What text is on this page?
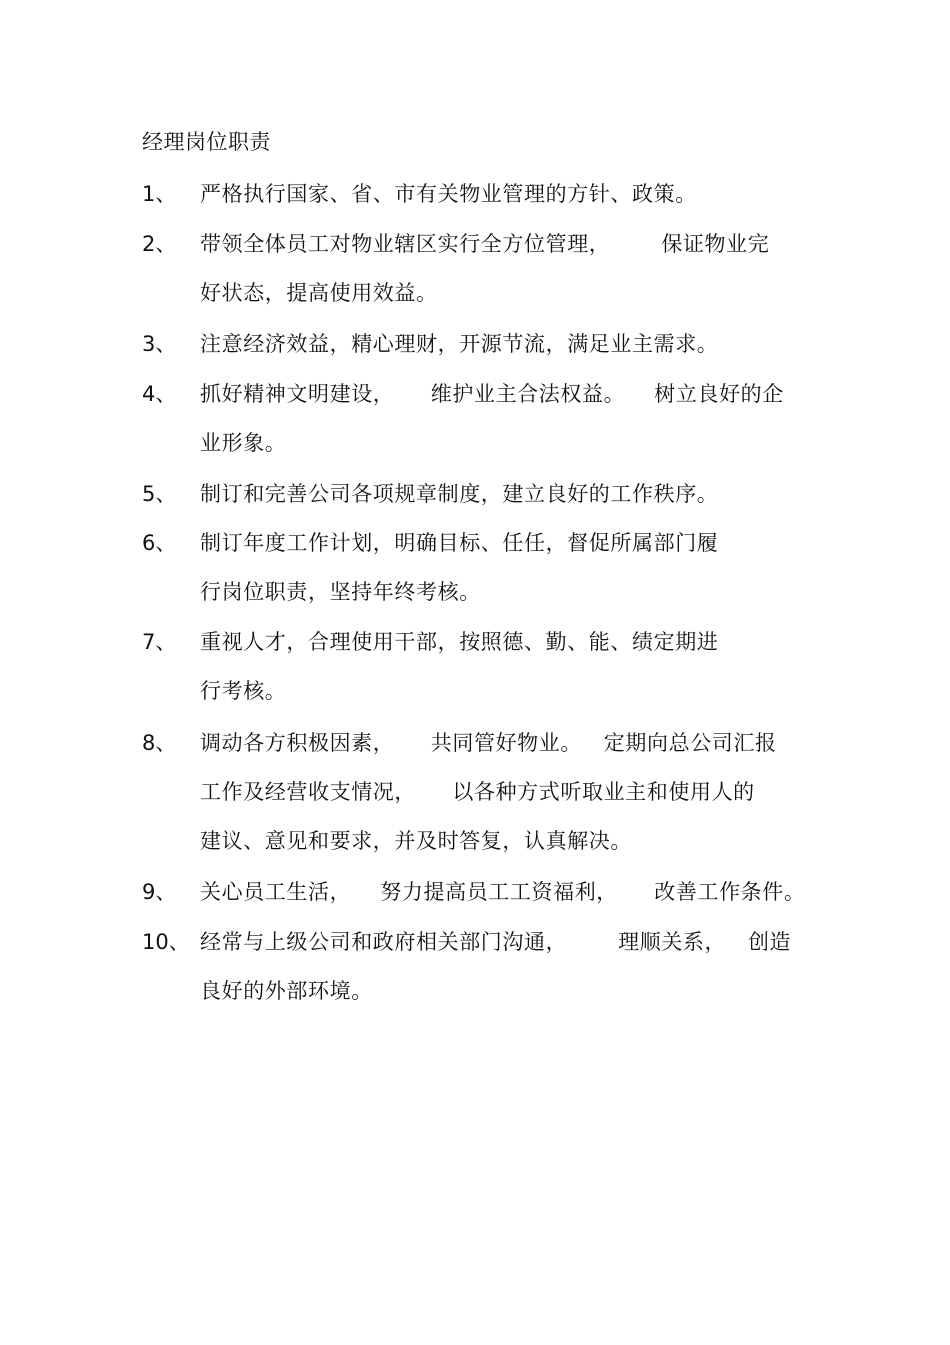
经理岗位职责
1、 严格执行国家、省、市有关物业管理的方针、政策。
2、 带领全体员工对物业辖区实行全方位管理，       保证物业完
好状态，提高使用效益。
3、 注意经济效益，精心理财，开源节流，满足业主需求。
4、 抓好精神文明建设，     维护业主合法权益。    树立良好的企
业形象。
5、 制订和完善公司各项规章制度，建立良好的工作秩序。
6、 制订年度工作计划，明确目标、任任，督促所属部门履
行岗位职责，坚持年终考核。
7、 重视人才，合理使用干部，按照德、勤、能、绩定期进
行考核。
8、 调动各方积极因素，     共同管好物业。   定期向总公司汇报
工作及经营收支情况，     以各种方式听取业主和使用人的
建议、意见和要求，并及时答复，认真解决。
9、 关心员工生活，    努力提高员工工资福利，     改善工作条件。
10、 经常与上级公司和政府相关部门沟通，       理顺关系，   创造
良好的外部环境。
